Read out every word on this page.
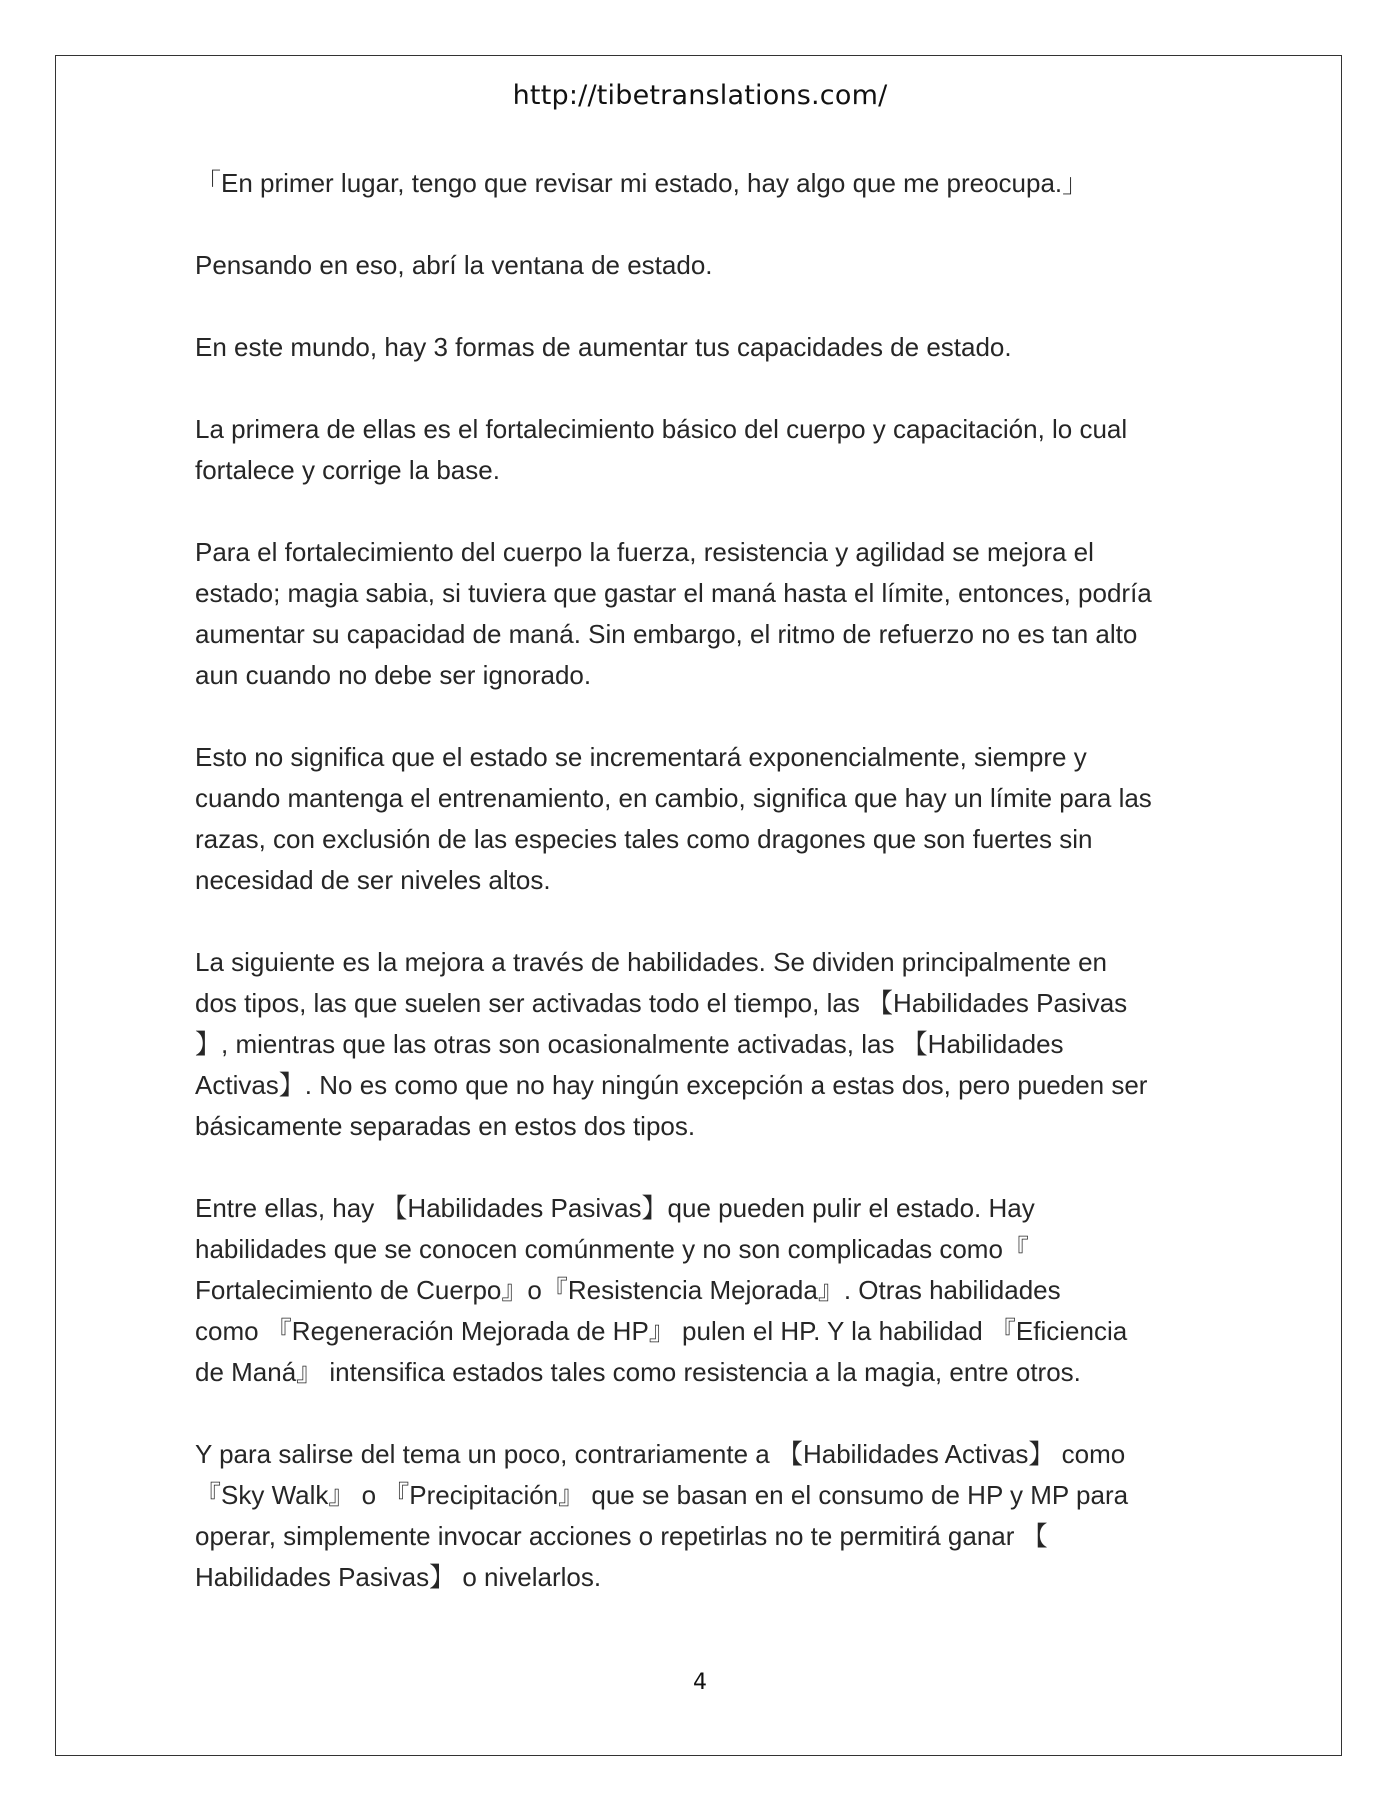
http://tibetranslations.com/

「En primer lugar, tengo que revisar mi estado, hay algo que me preocupa.」

Pensando en eso, abrí la ventana de estado.

En este mundo, hay 3 formas de aumentar tus capacidades de estado.

La primera de ellas es el fortalecimiento básico del cuerpo y capacitación, lo cual
fortalece y corrige la base.

Para el fortalecimiento del cuerpo la fuerza, resistencia y agilidad se mejora el
estado; magia sabia, si tuviera que gastar el maná hasta el límite, entonces, podría
aumentar su capacidad de maná. Sin embargo, el ritmo de refuerzo no es tan alto
aun cuando no debe ser ignorado.

Esto no significa que el estado se incrementará exponencialmente, siempre y
cuando mantenga el entrenamiento, en cambio, significa que hay un límite para las
razas, con exclusión de las especies tales como dragones que son fuertes sin
necesidad de ser niveles altos.

La siguiente es la mejora a través de habilidades. Se dividen principalmente en
dos tipos, las que suelen ser activadas todo el tiempo, las 【Habilidades Pasivas
】, mientras que las otras son ocasionalmente activadas, las 【Habilidades
Activas】. No es como que no hay ningún excepción a estas dos, pero pueden ser
básicamente separadas en estos dos tipos.

Entre ellas, hay 【Habilidades Pasivas】que pueden pulir el estado. Hay
habilidades que se conocen comúnmente y no son complicadas como『
Fortalecimiento de Cuerpo』o『Resistencia Mejorada』. Otras habilidades
como 『Regeneración Mejorada de HP』 pulen el HP. Y la habilidad 『Eficiencia
de Maná』 intensifica estados tales como resistencia a la magia, entre otros.

Y para salirse del tema un poco, contrariamente a 【Habilidades Activas】 como
『Sky Walk』 o 『Precipitación』 que se basan en el consumo de HP y MP para
operar, simplemente invocar acciones o repetirlas no te permitirá ganar 【
Habilidades Pasivas】 o nivelarlos.

4
